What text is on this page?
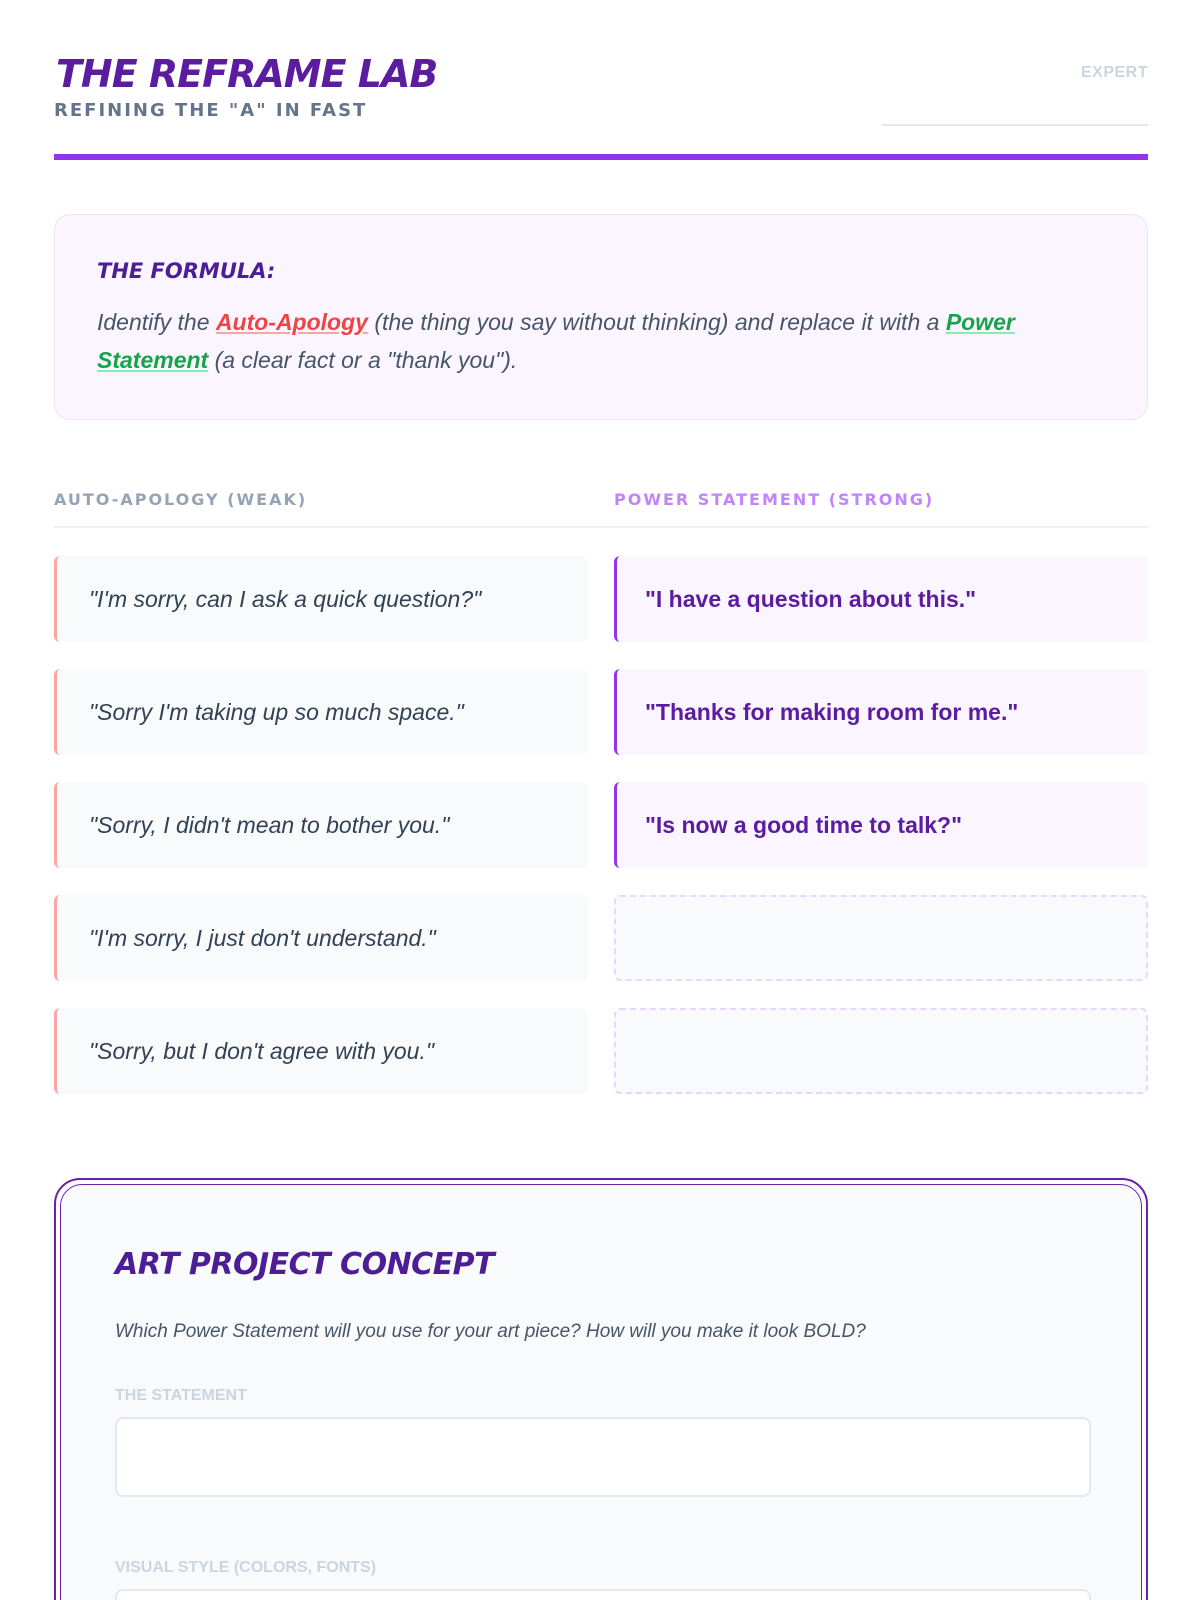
THE REFRAME LAB
REFINING THE "A" IN FAST
EXPERT
THE FORMULA:
Identify the Auto-Apology (the thing you say without thinking) and replace it with a Power Statement (a clear fact or a "thank you").
AUTO-APOLOGY (WEAK)	POWER STATEMENT (STRONG)
"I'm sorry, can I ask a quick question?"	"I have a question about this."
"Sorry I'm taking up so much space."	"Thanks for making room for me."
"Sorry, I didn't mean to bother you."	"Is now a good time to talk?"
"I'm sorry, I just don't understand."
"Sorry, but I don't agree with you."
ART PROJECT CONCEPT
Which Power Statement will you use for your art piece? How will you make it look BOLD?
THE STATEMENT
VISUAL STYLE (COLORS, FONTS)
